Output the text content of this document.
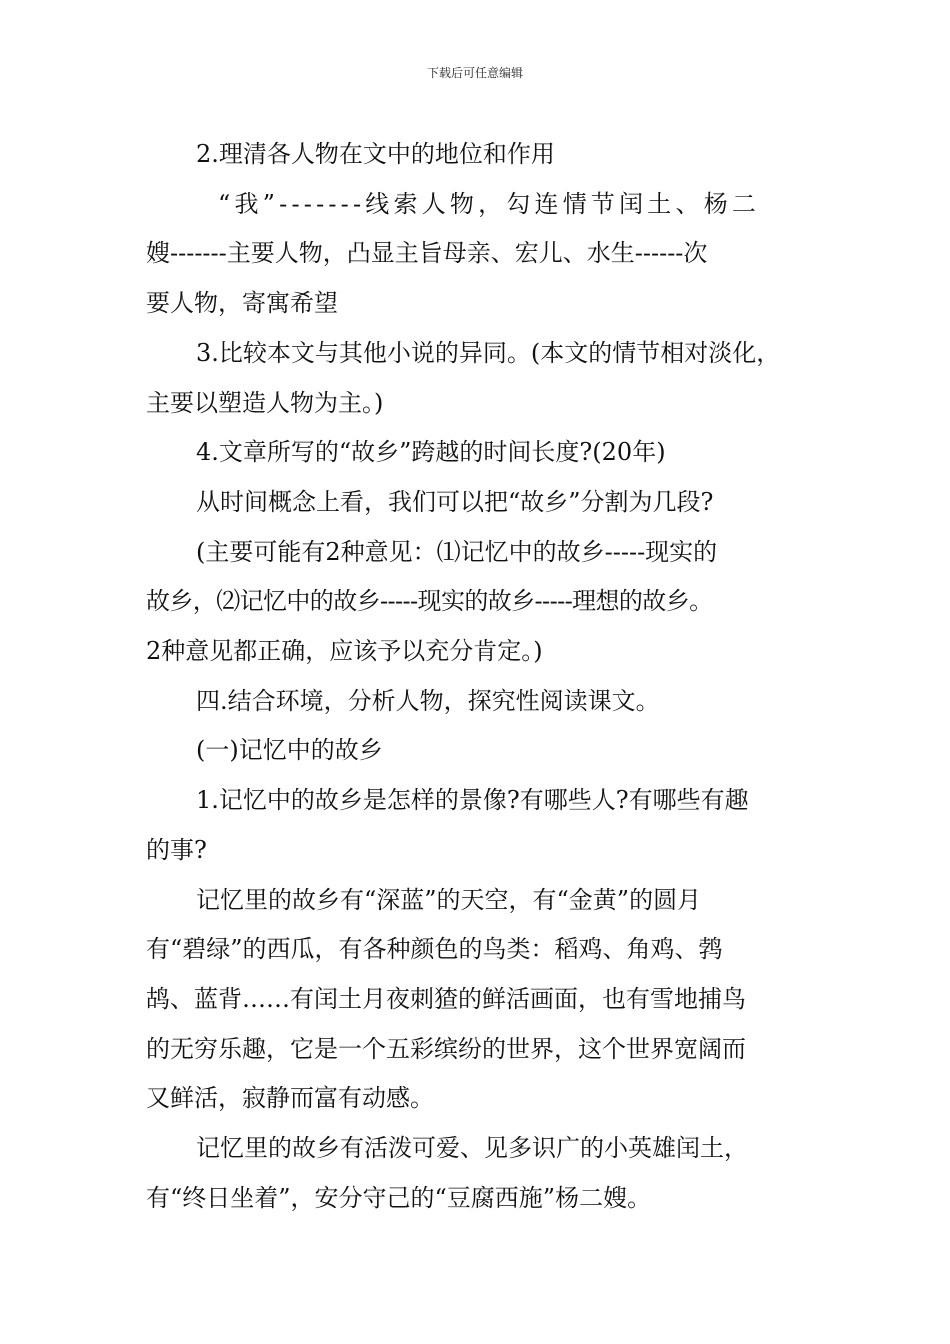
下载后可任意编辑

2.理清各人物在文中的地位和作用

“我”-------线索人物，勾连情节闰土、杨二

嫂-------主要人物，凸显主旨母亲、宏儿、水生------次

要人物，寄寓希望

3.比较本文与其他小说的异同。(本文的情节相对淡化，

主要以塑造人物为主。)

4.文章所写的“故乡”跨越的时间长度?(20年)

从时间概念上看，我们可以把“故乡”分割为几段?

(主要可能有2种意见：⑴记忆中的故乡-----现实的

故乡，⑵记忆中的故乡-----现实的故乡-----理想的故乡。

2种意见都正确，应该予以充分肯定。)

四.结合环境，分析人物，探究性阅读课文。

(一)记忆中的故乡

1.记忆中的故乡是怎样的景像?有哪些人?有哪些有趣

的事?

记忆里的故乡有“深蓝”的天空，有“金黄”的圆月

有“碧绿”的西瓜，有各种颜色的鸟类：稻鸡、角鸡、鹁

鸪、蓝背……有闰土月夜刺猹的鲜活画面，也有雪地捕鸟

的无穷乐趣，它是一个五彩缤纷的世界，这个世界宽阔而

又鲜活，寂静而富有动感。

记忆里的故乡有活泼可爱、见多识广的小英雄闰土，

有“终日坐着”，安分守己的“豆腐西施”杨二嫂。
